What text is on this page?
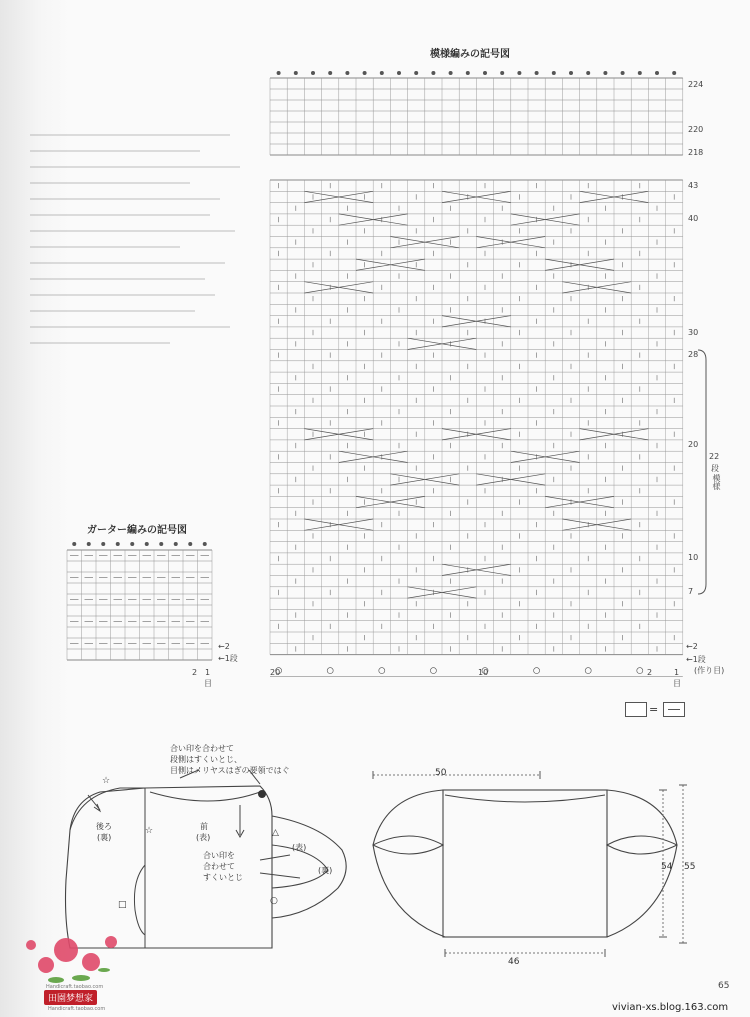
模様編みの記号図
224
220
218
43
40
30
28
20
10
7
←2
←1段
(作り目)
22
段
模様
20	10	2	1
目
ガーター編みの記号図
←2
←1段
2 1
目
=
合い印を合わせて
段側はすくいとじ、
目側はメリヤスはぎの要領ではぐ
☆
☆	△
□	○
後ろ
(裏)
前
(表)
合い印を
合わせて
すくいとじ
(表)
(裏)
50
46
54 55
Handicraft.taobao.com
田園梦想家
Handicraft.taobao.com
65
vivian-xs.blog.163.com
